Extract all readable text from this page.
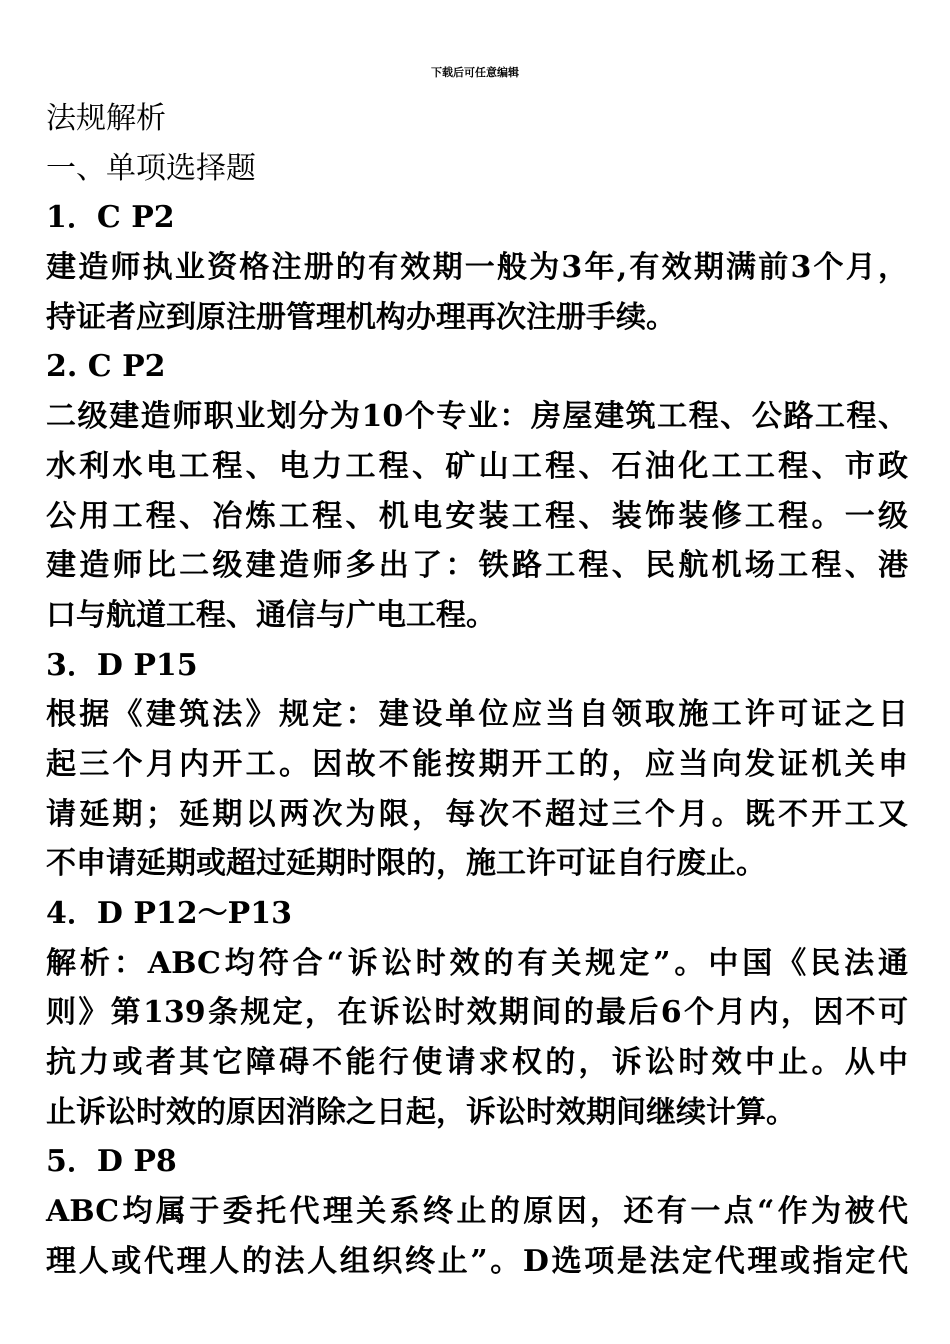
下载后可任意编辑
法规解析
一、单项选择题
1．C P2
建造师执业资格注册的有效期一般为3年,有效期满前3个月，
持证者应到原注册管理机构办理再次注册手续。
2. C P2
二级建造师职业划分为10个专业：房屋建筑工程、公路工程、
水利水电工程、电力工程、矿山工程、石油化工工程、市政
公用工程、冶炼工程、机电安装工程、装饰装修工程。一级
建造师比二级建造师多出了：铁路工程、民航机场工程、港
口与航道工程、通信与广电工程。
3．D P15
根据《建筑法》规定：建设单位应当自领取施工许可证之日
起三个月内开工。因故不能按期开工的，应当向发证机关申
请延期；延期以两次为限，每次不超过三个月。既不开工又
不申请延期或超过延期时限的，施工许可证自行废止。
4．D P12～P13
解析：ABC均符合“诉讼时效的有关规定”。中国《民法通
则》第139条规定，在诉讼时效期间的最后6个月内，因不可
抗力或者其它障碍不能行使请求权的，诉讼时效中止。从中
止诉讼时效的原因消除之日起，诉讼时效期间继续计算。
5．D P8
ABC均属于委托代理关系终止的原因，还有一点“作为被代
理人或代理人的法人组织终止”。D选项是法定代理或指定代
